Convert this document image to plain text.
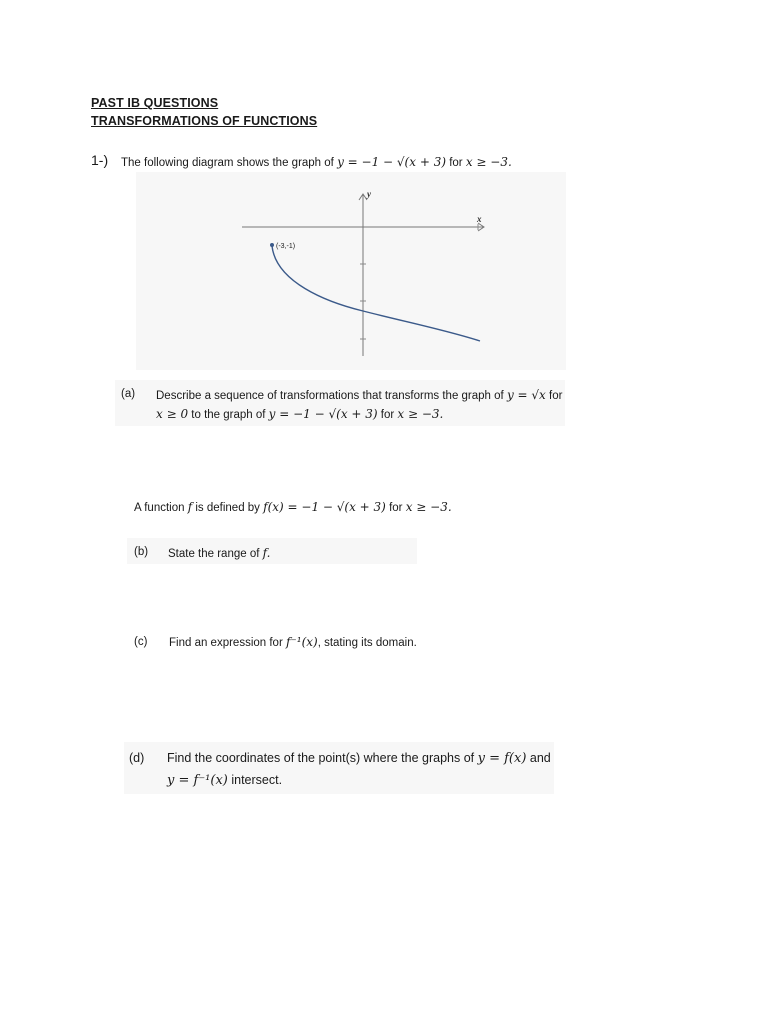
PAST IB QUESTIONS
TRANSFORMATIONS OF FUNCTIONS
1-) The following diagram shows the graph of y = −1 − √(x + 3) for x ≥ −3.
y
x
(-3,-1)
(a) Describe a sequence of transformations that transforms the graph of y = √x for
x ≥ 0 to the graph of y = −1 − √(x + 3) for x ≥ −3.
A function f is defined by f(x) = −1 − √(x + 3) for x ≥ −3.
(b) State the range of f.
(c) Find an expression for f⁻¹(x), stating its domain.
(d) Find the coordinates of the point(s) where the graphs of y = f(x) and
y = f⁻¹(x) intersect.
